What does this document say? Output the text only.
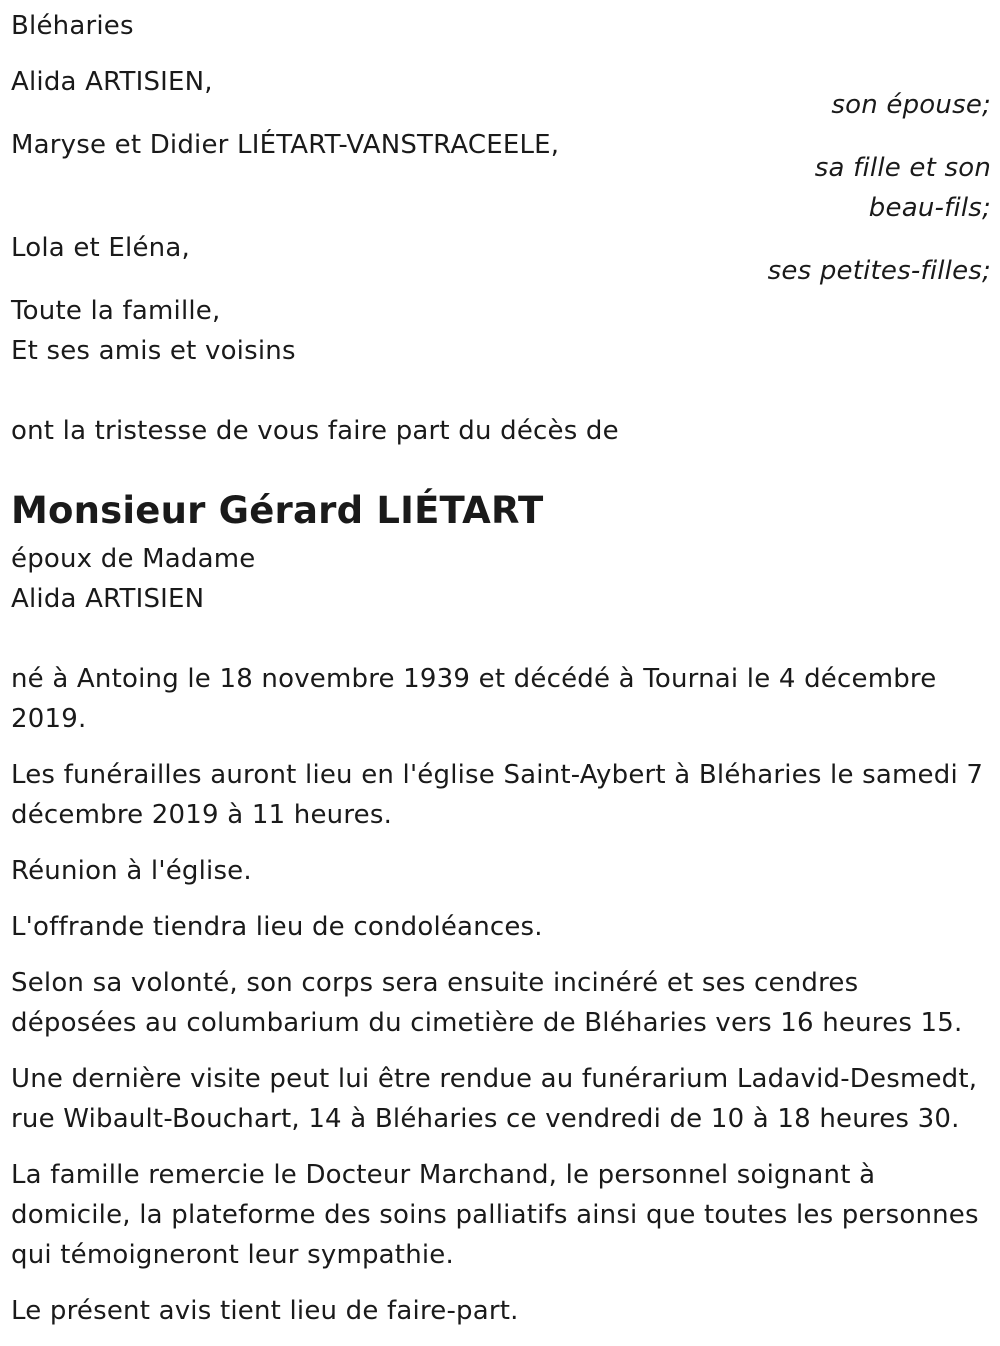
Bléharies
Alida ARTISIEN,
son épouse;
Maryse et Didier LIÉTART-VANSTRACEELE,
sa fille et son
beau-fils;
Lola et Eléna,
ses petites-filles;
Toute la famille,
Et ses amis et voisins
ont la tristesse de vous faire part du décès de
Monsieur Gérard LIÉTART
époux de Madame
Alida ARTISIEN
né à Antoing le 18 novembre 1939 et décédé à Tournai le 4 décembre 2019.
Les funérailles auront lieu en l'église Saint-Aybert à Bléharies le samedi 7 décembre 2019 à 11 heures.
Réunion à l'église.
L'offrande tiendra lieu de condoléances.
Selon sa volonté, son corps sera ensuite incinéré et ses cendres déposées au columbarium du cimetière de Bléharies vers 16 heures 15.
Une dernière visite peut lui être rendue au funérarium Ladavid-Desmedt, rue Wibault-Bouchart, 14 à Bléharies ce vendredi de 10 à 18 heures 30.
La famille remercie le Docteur Marchand, le personnel soignant à domicile, la plateforme des soins palliatifs ainsi que toutes les personnes qui témoigneront leur sympathie.
Le présent avis tient lieu de faire-part.
